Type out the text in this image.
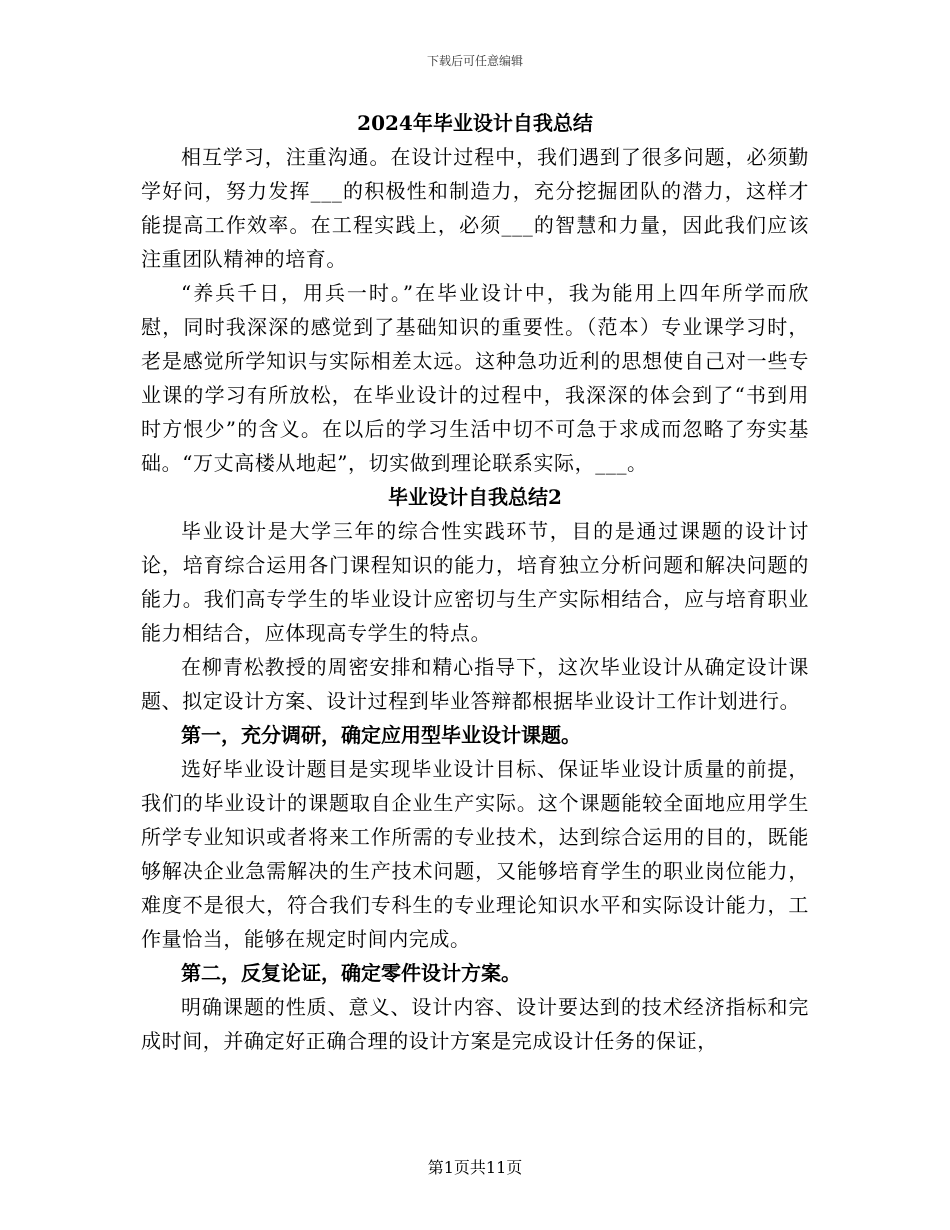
下载后可任意编辑
2024年毕业设计自我总结

相互学习，注重沟通。在设计过程中，我们遇到了很多问题，必须勤学好问，努力发挥___的积极性和制造力，充分挖掘团队的潜力，这样才能提高工作效率。在工程实践上，必须___的智慧和力量，因此我们应该注重团队精神的培育。

“养兵千日，用兵一时。”在毕业设计中，我为能用上四年所学而欣慰，同时我深深的感觉到了基础知识的重要性。（范本）专业课学习时，老是感觉所学知识与实际相差太远。这种急功近利的思想使自己对一些专业课的学习有所放松，在毕业设计的过程中，我深深的体会到了“书到用时方恨少”的含义。在以后的学习生活中切不可急于求成而忽略了夯实基础。“万丈高楼从地起”，切实做到理论联系实际，___。

毕业设计自我总结2

毕业设计是大学三年的综合性实践环节，目的是通过课题的设计讨论，培育综合运用各门课程知识的能力，培育独立分析问题和解决问题的能力。我们高专学生的毕业设计应密切与生产实际相结合，应与培育职业能力相结合，应体现高专学生的特点。

在柳青松教授的周密安排和精心指导下，这次毕业设计从确定设计课题、拟定设计方案、设计过程到毕业答辩都根据毕业设计工作计划进行。

第一，充分调研，确定应用型毕业设计课题。

选好毕业设计题目是实现毕业设计目标、保证毕业设计质量的前提，我们的毕业设计的课题取自企业生产实际。这个课题能较全面地应用学生所学专业知识或者将来工作所需的专业技术，达到综合运用的目的，既能够解决企业急需解决的生产技术问题，又能够培育学生的职业岗位能力，难度不是很大，符合我们专科生的专业理论知识水平和实际设计能力，工作量恰当，能够在规定时间内完成。

第二，反复论证，确定零件设计方案。

明确课题的性质、意义、设计内容、设计要达到的技术经济指标和完成时间，并确定好正确合理的设计方案是完成设计任务的保证，

第1页共11页
